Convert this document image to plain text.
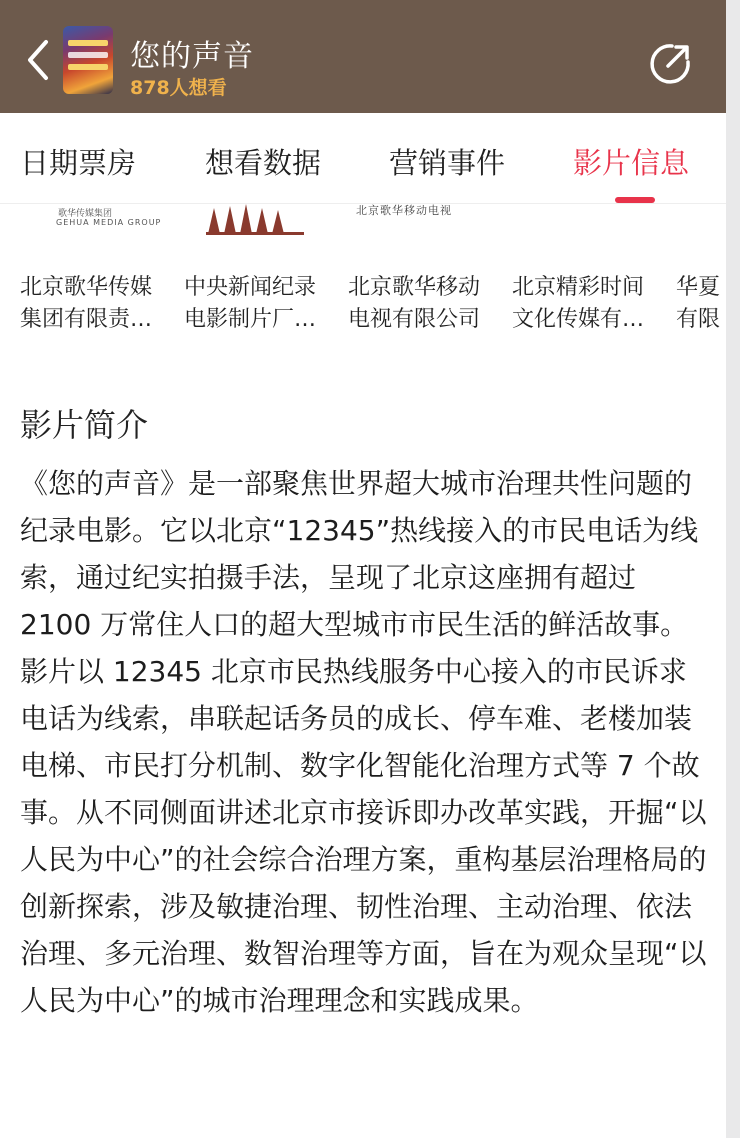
您的声音
878人想看
日期票房 想看数据 营销事件 影片信息
歌华传媒集团
GEHUA MEDIA GROUP
北京歌华移动电视
北京歌华传媒
集团有限责…
中央新闻纪录
电影制片厂…
北京歌华移动
电视有限公司
北京精彩时间
文化传媒有…
华夏
有限
影片简介

《您的声音》是一部聚焦世界超大城市治理共性问题的纪录电影。它以北京“12345”热线接入的市民电话为线索，通过纪实拍摄手法，呈现了北京这座拥有超过 2100 万常住人口的超大型城市市民生活的鲜活故事。

影片以 12345 北京市民热线服务中心接入的市民诉求电话为线索，串联起话务员的成长、停车难、老楼加装电梯、市民打分机制、数字化智能化治理方式等 7 个故事。从不同侧面讲述北京市接诉即办改革实践，开掘“以人民为中心”的社会综合治理方案，重构基层治理格局的创新探索，涉及敏捷治理、韧性治理、主动治理、依法治理、多元治理、数智治理等方面，旨在为观众呈现“以人民为中心”的城市治理理念和实践成果。
